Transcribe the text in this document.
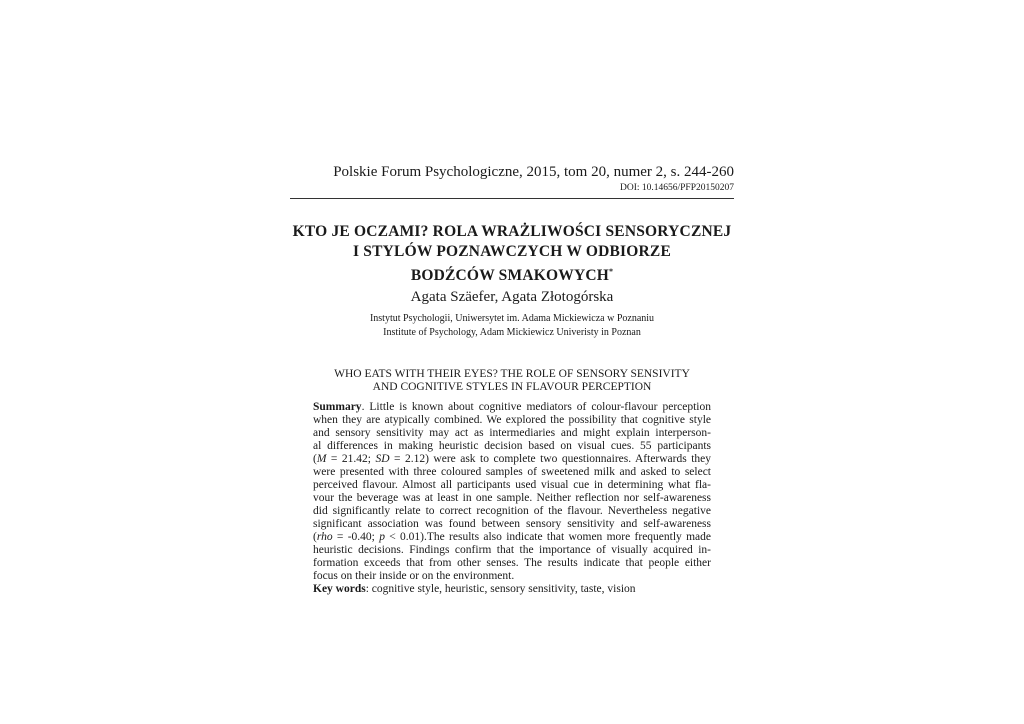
Polskie Forum Psychologiczne, 2015, tom 20, numer 2, s. 244-260
DOI: 10.14656/PFP20150207
KTO JE OCZAMI? ROLA WRAŻLIWOŚCI SENSORYCZNEJ
I STYLÓW POZNAWCZYCH W ODBIORZE
BODŹCÓW SMAKOWYCH*
Agata Szäefer, Agata Złotogórska
Instytut Psychologii, Uniwersytet im. Adama Mickiewicza w Poznaniu
Institute of Psychology, Adam Mickiewicz Univeristy in Poznan
WHO EATS WITH THEIR EYES? THE ROLE OF SENSORY SENSIVITY
AND COGNITIVE STYLES IN FLAVOUR PERCEPTION
Summary. Little is known about cognitive mediators of colour-flavour perception
when they are atypically combined. We explored the possibility that cognitive style
and sensory sensitivity may act as intermediaries and might explain interperson-
al differences in making heuristic decision based on visual cues. 55 participants
(M = 21.42; SD = 2.12) were ask to complete two questionnaires. Afterwards they
were presented with three coloured samples of sweetened milk and asked to select
perceived flavour. Almost all participants used visual cue in determining what fla-
vour the beverage was at least in one sample. Neither reflection nor self-awareness
did significantly relate to correct recognition of the flavour. Nevertheless negative
significant association was found between sensory sensitivity and self-awareness
(rho = -0.40; p < 0.01).The results also indicate that women more frequently made
heuristic decisions. Findings confirm that the importance of visually acquired in-
formation exceeds that from other senses. The results indicate that people either
focus on their inside or on the environment.
Key words: cognitive style, heuristic, sensory sensitivity, taste, vision
